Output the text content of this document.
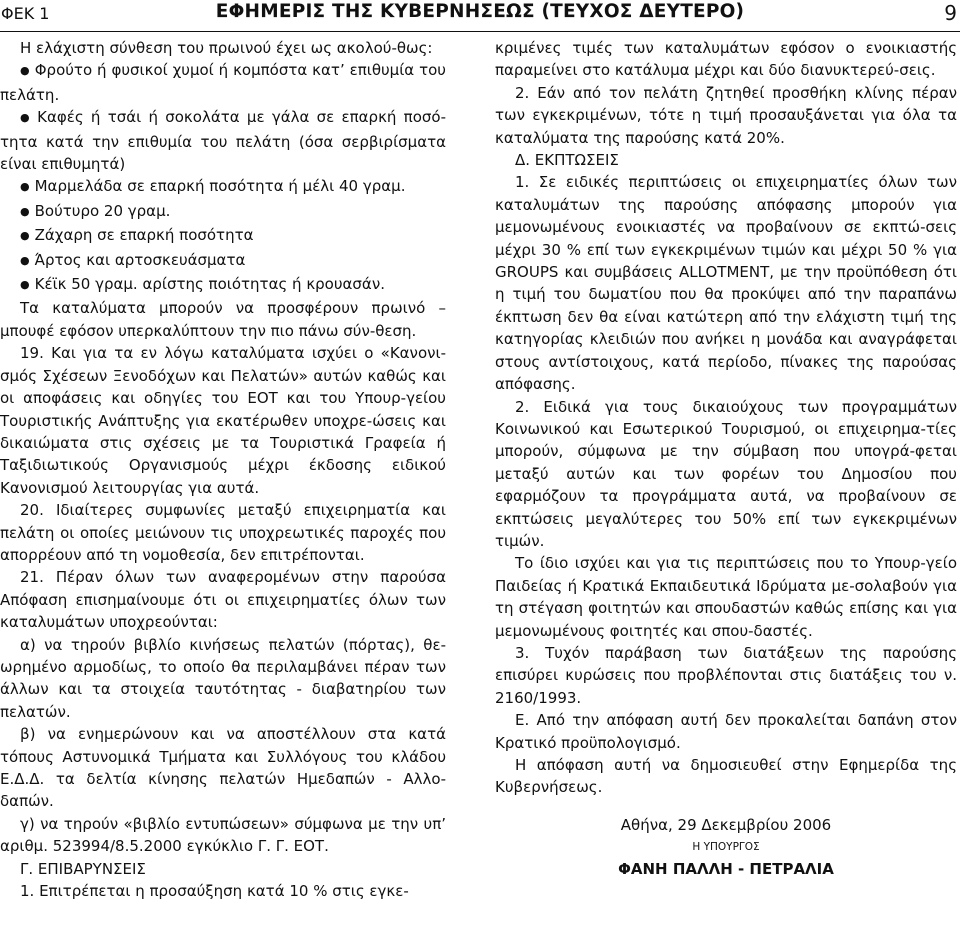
ΦΕΚ 1	ΕΦΗΜΕΡΙΣ ΤΗΣ ΚΥΒΕΡΝΗΣΕΩΣ (ΤΕΥΧΟΣ ΔΕΥΤΕΡΟ)	9

Η ελάχιστη σύνθεση του πρωινού έχει ως ακολού-θως:

● Φρούτο ή φυσικοί χυμοί ή κομπόστα κατ’ επιθυμία του πελάτη.

● Καφές ή τσάι ή σοκολάτα με γάλα σε επαρκή ποσό-τητα κατά την επιθυμία του πελάτη (όσα σερβιρίσματα είναι επιθυμητά)

● Μαρμελάδα σε επαρκή ποσότητα ή μέλι 40 γραμ.

● Βούτυρο 20 γραμ.

● Ζάχαρη σε επαρκή ποσότητα

● Άρτος και αρτοσκευάσματα

● Κέϊκ 50 γραμ. αρίστης ποιότητας ή κρουασάν.

Τα καταλύματα μπορούν να προσφέρουν πρωινό – μπουφέ εφόσον υπερκαλύπτουν την πιο πάνω σύν-θεση.

19. Και για τα εν λόγω καταλύματα ισχύει ο «Κανονι-σμός Σχέσεων Ξενοδόχων και Πελατών» αυτών καθώς και οι αποφάσεις και οδηγίες του ΕΟΤ και του Υπουρ-γείου Τουριστικής Ανάπτυξης για εκατέρωθεν υποχρε-ώσεις και δικαιώματα στις σχέσεις με τα Τουριστικά Γραφεία ή Ταξιδιωτικούς Οργανισμούς μέχρι έκδοσης ειδικού Κανονισμού λειτουργίας για αυτά.

20. Ιδιαίτερες συμφωνίες μεταξύ επιχειρηματία και πελάτη οι οποίες μειώνουν τις υποχρεωτικές παροχές που απορρέουν από τη νομοθεσία, δεν επιτρέπονται.

21. Πέραν όλων των αναφερομένων στην παρούσα Απόφαση επισημαίνουμε ότι οι επιχειρηματίες όλων των καταλυμάτων υποχρεούνται:

α) να τηρούν βιβλίο κινήσεως πελατών (πόρτας), θε-ωρημένο αρμοδίως, το οποίο θα περιλαμβάνει πέραν των άλλων και τα στοιχεία ταυτότητας - διαβατηρίου των πελατών.

β) να ενημερώνουν και να αποστέλλουν στα κατά τόπους Αστυνομικά Τμήματα και Συλλόγους του κλάδου Ε.Δ.Δ. τα δελτία κίνησης πελατών Ημεδαπών - Αλλο-δαπών.

γ) να τηρούν «βιβλίο εντυπώσεων» σύμφωνα με την υπ’ αριθμ. 523994/8.5.2000 εγκύκλιο Γ. Γ. ΕΟΤ.

Γ. ΕΠΙΒΑΡΥΝΣΕΙΣ

1. Επιτρέπεται η προσαύξηση κατά 10 % στις εγκε-

κριμένες τιμές των καταλυμάτων εφόσον ο ενοικιαστής παραμείνει στο κατάλυμα μέχρι και δύο διανυκτερεύ-σεις.

2. Εάν από τον πελάτη ζητηθεί προσθήκη κλίνης πέραν των εγκεκριμένων, τότε η τιμή προσαυξάνεται για όλα τα καταλύματα της παρούσης κατά 20%.

Δ. ΕΚΠΤΩΣΕΙΣ

1. Σε ειδικές περιπτώσεις οι επιχειρηματίες όλων των καταλυμάτων της παρούσης απόφασης μπορούν για μεμονωμένους ενοικιαστές να προβαίνουν σε εκπτώ-σεις μέχρι 30 % επί των εγκεκριμένων τιμών και μέχρι 50 % για GROUPS και συμβάσεις ALLOTMENT, με την προϋπόθεση ότι η τιμή του δωματίου που θα προκύψει από την παραπάνω έκπτωση δεν θα είναι κατώτερη από την ελάχιστη τιμή της κατηγορίας κλειδιών που ανήκει η μονάδα και αναγράφεται στους αντίστοιχους, κατά περίοδο, πίνακες της παρούσας απόφασης.

2. Ειδικά για τους δικαιούχους των προγραμμάτων Κοινωνικού και Εσωτερικού Τουρισμού, οι επιχειρημα-τίες μπορούν, σύμφωνα με την σύμβαση που υπογρά-φεται μεταξύ αυτών και των φορέων του Δημοσίου που εφαρμόζουν τα προγράμματα αυτά, να προβαίνουν σε εκπτώσεις μεγαλύτερες του 50% επί των εγκεκριμένων τιμών.

Το ίδιο ισχύει και για τις περιπτώσεις που το Υπουρ-γείο Παιδείας ή Κρατικά Εκπαιδευτικά Ιδρύματα με-σολαβούν για τη στέγαση φοιτητών και σπουδαστών καθώς επίσης και για μεμονωμένους φοιτητές και σπου-δαστές.

3. Τυχόν παράβαση των διατάξεων της παρούσης επισύρει κυρώσεις που προβλέπονται στις διατάξεις του ν. 2160/1993.

Ε. Από την απόφαση αυτή δεν προκαλείται δαπάνη στον Κρατικό προϋπολογισμό.

Η απόφαση αυτή να δημοσιευθεί στην Εφημερίδα της Κυβερνήσεως.

Αθήνα, 29 Δεκεμβρίου 2006

Η ΥΠΟΥΡΓΟΣ

ΦΑΝΗ ΠΑΛΛΗ - ΠΕΤΡΑΛΙΑ
